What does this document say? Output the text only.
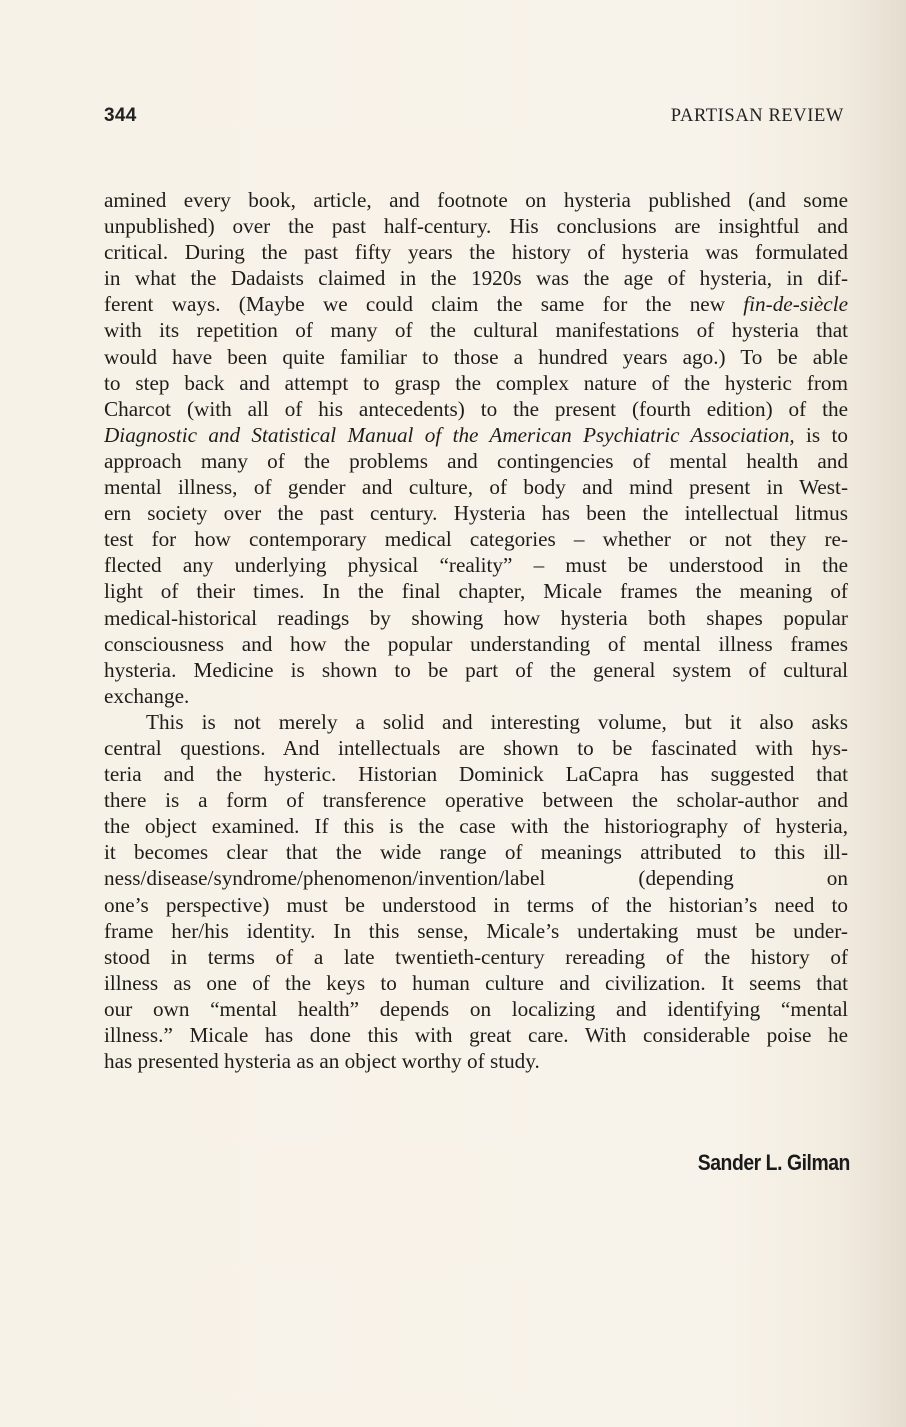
344	PARTISAN REVIEW
amined every book, article, and footnote on hysteria published (and some
unpublished) over the past half-century. His conclusions are insightful and
critical. During the past fifty years the history of hysteria was formulated
in what the Dadaists claimed in the 1920s was the age of hysteria, in dif-
ferent ways. (Maybe we could claim the same for the new fin-de-siècle
with its repetition of many of the cultural manifestations of hysteria that
would have been quite familiar to those a hundred years ago.) To be able
to step back and attempt to grasp the complex nature of the hysteric from
Charcot (with all of his antecedents) to the present (fourth edition) of the
Diagnostic and Statistical Manual of the American Psychiatric Association, is to
approach many of the problems and contingencies of mental health and
mental illness, of gender and culture, of body and mind present in West-
ern society over the past century. Hysteria has been the intellectual litmus
test for how contemporary medical categories – whether or not they re-
flected any underlying physical “reality” – must be understood in the
light of their times. In the final chapter, Micale frames the meaning of
medical-historical readings by showing how hysteria both shapes popular
consciousness and how the popular understanding of mental illness frames
hysteria. Medicine is shown to be part of the general system of cultural
exchange.
This is not merely a solid and interesting volume, but it also asks
central questions. And intellectuals are shown to be fascinated with hys-
teria and the hysteric. Historian Dominick LaCapra has suggested that
there is a form of transference operative between the scholar-author and
the object examined. If this is the case with the historiography of hysteria,
it becomes clear that the wide range of meanings attributed to this ill-
ness/disease/syndrome/phenomenon/invention/label (depending on
one’s perspective) must be understood in terms of the historian’s need to
frame her/his identity. In this sense, Micale’s undertaking must be under-
stood in terms of a late twentieth-century rereading of the history of
illness as one of the keys to human culture and civilization. It seems that
our own “mental health” depends on localizing and identifying “mental
illness.” Micale has done this with great care. With considerable poise he
has presented hysteria as an object worthy of study.
Sander L. Gilman
